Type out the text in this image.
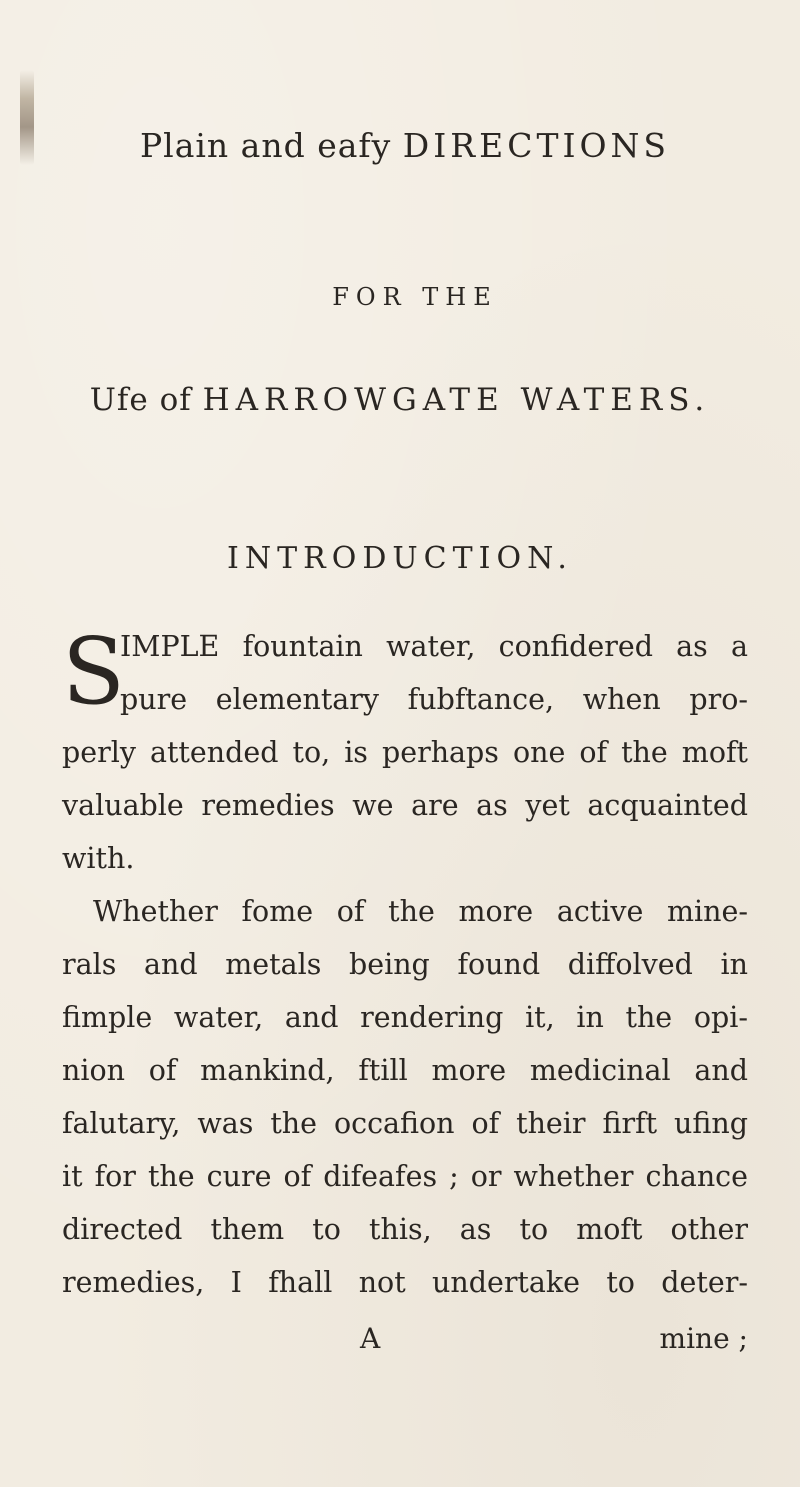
Plain and eafy DIRECTIONS
FOR THE
Ufe of HARROWGATE WATERS.
INTRODUCTION.
S
IMPLE fountain water, confidered as a
pure elementary fubftance, when pro-
perly attended to, is perhaps one of the moft
valuable remedies we are as yet acquainted
with.
Whether fome of the more active mine-
rals and metals being found diffolved in
fimple water, and rendering it, in the opi-
nion of mankind, ftill more medicinal and
falutary, was the occafion of their firft ufing
it for the cure of difeafes ; or whether chance
directed them to this, as to moft other
remedies, I fhall not undertake to deter-
A	mine ;
